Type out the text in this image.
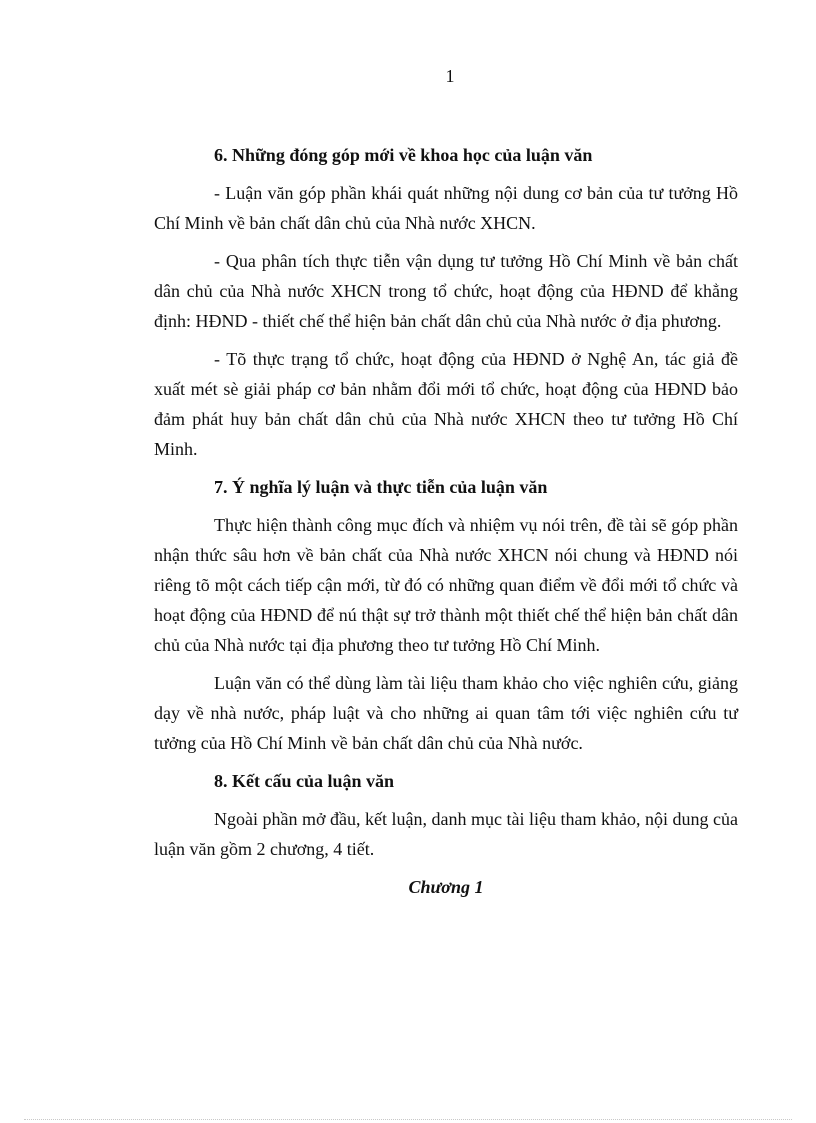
1

6. Những đóng góp mới về khoa học của luận văn

- Luận văn góp phần khái quát những nội dung cơ bản của tư tưởng Hồ Chí Minh về bản chất dân chủ của Nhà nước XHCN.

- Qua phân tích thực tiễn vận dụng tư tưởng Hồ Chí Minh về bản chất dân chủ của Nhà nước XHCN trong tổ chức, hoạt động của HĐND để khẳng định: HĐND - thiết chế thể hiện bản chất dân chủ của Nhà nước ở địa phương.

- Tõ thực trạng tổ chức, hoạt động của HĐND ở Nghệ An, tác giả đề xuất mét sè giải pháp cơ bản nhằm đổi mới tổ chức, hoạt động của HĐND bảo đảm phát huy bản chất dân chủ của Nhà nước XHCN theo tư tưởng Hồ Chí Minh.

7. Ý nghĩa lý luận và thực tiễn của luận văn

Thực hiện thành công mục đích và nhiệm vụ nói trên, đề tài sẽ góp phần nhận thức sâu hơn về bản chất của Nhà nước XHCN nói chung và HĐND nói riêng tõ một cách tiếp cận mới, từ đó có những quan điểm về đổi mới tổ chức và hoạt động của HĐND để nú thật sự trở thành một thiết chế thể hiện bản chất dân chủ của Nhà nước tại địa phương theo tư tưởng Hồ Chí Minh.

Luận văn có thể dùng làm tài liệu tham khảo cho việc nghiên cứu, giảng dạy về nhà nước, pháp luật và cho những ai quan tâm tới việc nghiên cứu tư tưởng của Hồ Chí Minh về bản chất dân chủ của Nhà nước.

8. Kết cấu của luận văn

Ngoài phần mở đầu, kết luận, danh mục tài liệu tham khảo, nội dung của luận văn gồm 2 chương, 4 tiết.

Chương 1
